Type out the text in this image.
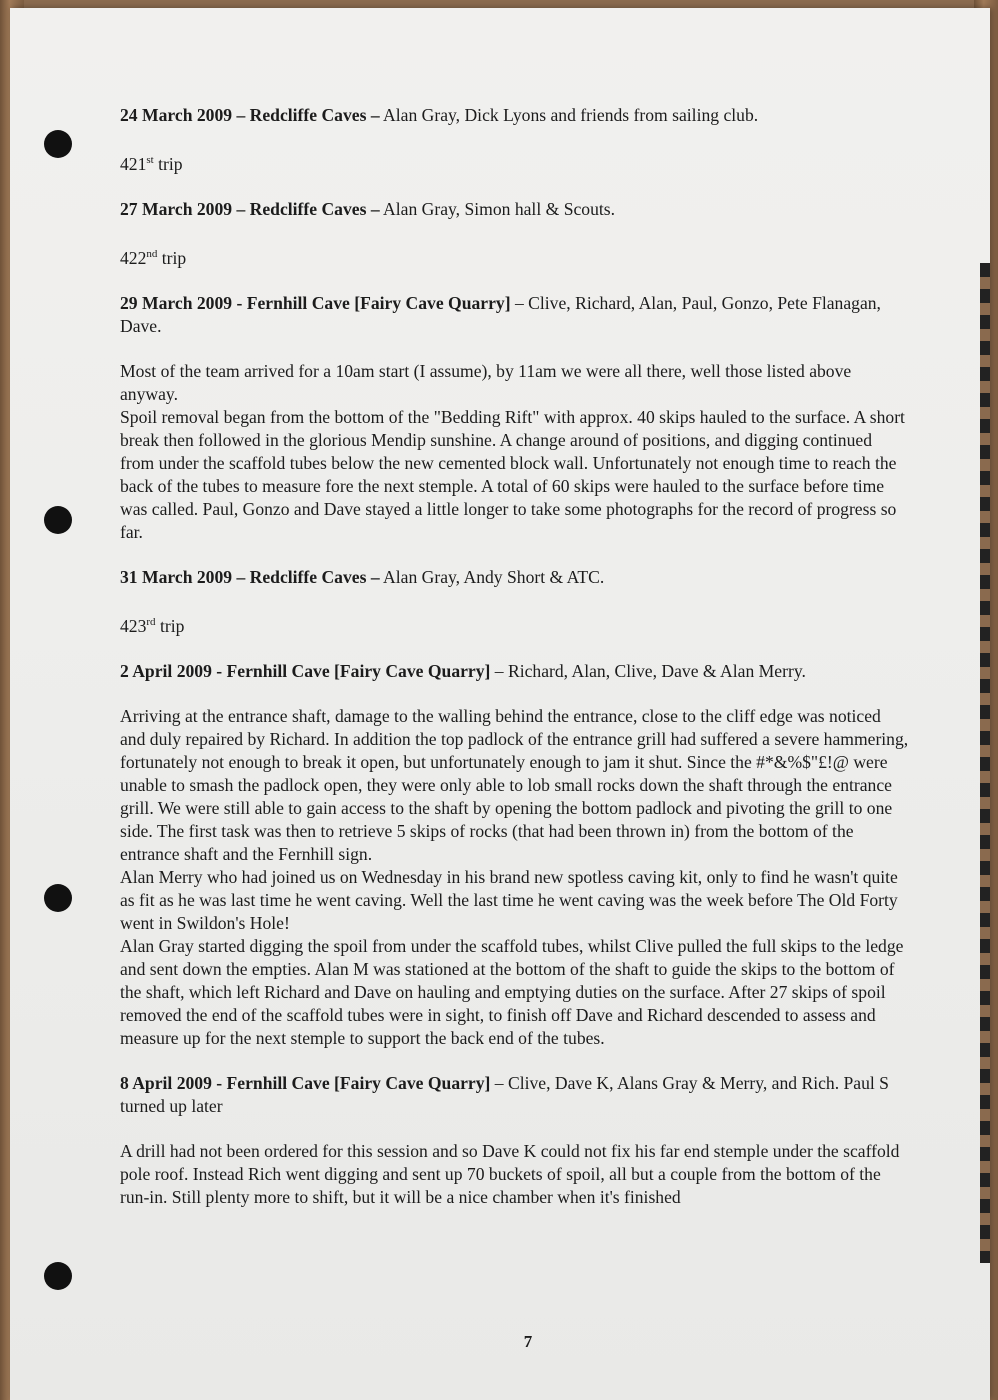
24 March 2009 – Redcliffe Caves – Alan Gray, Dick Lyons and friends from sailing club.
421st trip
27 March 2009 – Redcliffe Caves – Alan Gray, Simon hall & Scouts.
422nd trip
29 March 2009 - Fernhill Cave [Fairy Cave Quarry] – Clive, Richard, Alan, Paul, Gonzo, Pete Flanagan, Dave.

Most of the team arrived for a 10am start (I assume), by 11am we were all there, well those listed above anyway.

Spoil removal began from the bottom of the "Bedding Rift" with approx. 40 skips hauled to the surface. A short break then followed in the glorious Mendip sunshine. A change around of positions, and digging continued from under the scaffold tubes below the new cemented block wall. Unfortunately not enough time to reach the back of the tubes to measure fore the next stemple. A total of 60 skips were hauled to the surface before time was called. Paul, Gonzo and Dave stayed a little longer to take some photographs for the record of progress so far.

31 March 2009 – Redcliffe Caves – Alan Gray, Andy Short & ATC.
423rd trip
2 April 2009 - Fernhill Cave [Fairy Cave Quarry] – Richard, Alan, Clive, Dave & Alan Merry.

Arriving at the entrance shaft, damage to the walling behind the entrance, close to the cliff edge was noticed and duly repaired by Richard. In addition the top padlock of the entrance grill had suffered a severe hammering, fortunately not enough to break it open, but unfortunately enough to jam it shut. Since the #*&%$"£!@ were unable to smash the padlock open, they were only able to lob small rocks down the shaft through the entrance grill. We were still able to gain access to the shaft by opening the bottom padlock and pivoting the grill to one side. The first task was then to retrieve 5 skips of rocks (that had been thrown in) from the bottom of the entrance shaft and the Fernhill sign.

Alan Merry who had joined us on Wednesday in his brand new spotless caving kit, only to find he wasn't quite as fit as he was last time he went caving. Well the last time he went caving was the week before The Old Forty went in Swildon's Hole!

Alan Gray started digging the spoil from under the scaffold tubes, whilst Clive pulled the full skips to the ledge and sent down the empties. Alan M was stationed at the bottom of the shaft to guide the skips to the bottom of the shaft, which left Richard and Dave on hauling and emptying duties on the surface. After 27 skips of spoil removed the end of the scaffold tubes were in sight, to finish off Dave and Richard descended to assess and measure up for the next stemple to support the back end of the tubes.

8 April 2009 - Fernhill Cave [Fairy Cave Quarry] – Clive, Dave K, Alans Gray & Merry, and Rich. Paul S turned up later

A drill had not been ordered for this session and so Dave K could not fix his far end stemple under the scaffold pole roof. Instead Rich went digging and sent up 70 buckets of spoil, all but a couple from the bottom of the run-in. Still plenty more to shift, but it will be a nice chamber when it's finished

7
